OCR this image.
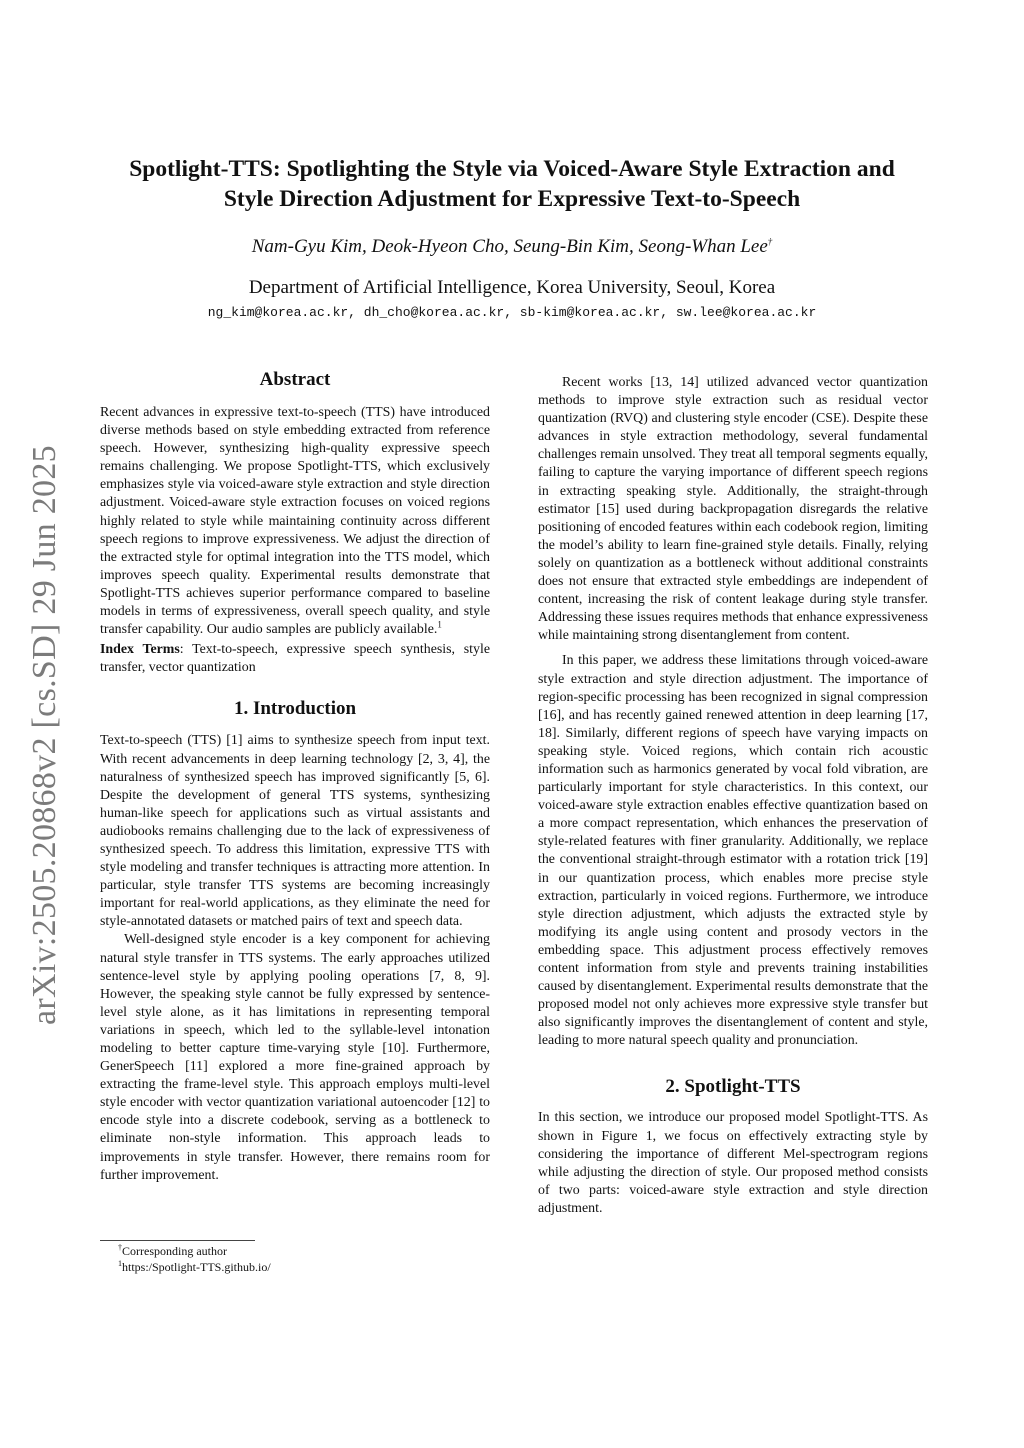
arXiv:2505.20868v2 [cs.SD] 29 Jun 2025
Spotlight-TTS: Spotlighting the Style via Voiced-Aware Style Extraction and
Style Direction Adjustment for Expressive Text-to-Speech
Nam-Gyu Kim, Deok-Hyeon Cho, Seung-Bin Kim, Seong-Whan Lee†
Department of Artificial Intelligence, Korea University, Seoul, Korea
ng_kim@korea.ac.kr, dh_cho@korea.ac.kr, sb-kim@korea.ac.kr, sw.lee@korea.ac.kr
Abstract

Recent advances in expressive text-to-speech (TTS) have introduced diverse methods based on style embedding extracted from reference speech. However, synthesizing high-quality expressive speech remains challenging. We propose Spotlight-TTS, which exclusively emphasizes style via voiced-aware style extraction and style direction adjustment. Voiced-aware style extraction focuses on voiced regions highly related to style while maintaining continuity across different speech regions to improve expressiveness. We adjust the direction of the extracted style for optimal integration into the TTS model, which improves speech quality. Experimental results demonstrate that Spotlight-TTS achieves superior performance compared to baseline models in terms of expressiveness, overall speech quality, and style transfer capability. Our audio samples are publicly available.$^1$

Index Terms: Text-to-speech, expressive speech synthesis, style transfer, vector quantization

1. Introduction

Text-to-speech (TTS) [1] aims to synthesize speech from input text. With recent advancements in deep learning technology [2, 3, 4], the naturalness of synthesized speech has improved significantly [5, 6]. Despite the development of general TTS systems, synthesizing human-like speech for applications such as virtual assistants and audiobooks remains challenging due to the lack of expressiveness of synthesized speech. To address this limitation, expressive TTS with style modeling and transfer techniques is attracting more attention. In particular, style transfer TTS systems are becoming increasingly important for real-world applications, as they eliminate the need for style-annotated datasets or matched pairs of text and speech data.

Well-designed style encoder is a key component for achieving natural style transfer in TTS systems. The early approaches utilized sentence-level style by applying pooling operations [7, 8, 9]. However, the speaking style cannot be fully expressed by sentence-level style alone, as it has limitations in representing temporal variations in speech, which led to the syllable-level intonation modeling to better capture time-varying style [10]. Furthermore, GenerSpeech [11] explored a more fine-grained approach by extracting the frame-level style. This approach employs multi-level style encoder with vector quantization variational autoencoder [12] to encode style into a discrete codebook, serving as a bottleneck to eliminate non-style information. This approach leads to improvements in style transfer. However, there remains room for further improvement.

†Corresponding author
$^1$https:/Spotlight-TTS.github.io/

Recent works [13, 14] utilized advanced vector quantization methods to improve style extraction such as residual vector quantization (RVQ) and clustering style encoder (CSE). Despite these advances in style extraction methodology, several fundamental challenges remain unsolved. They treat all temporal segments equally, failing to capture the varying importance of different speech regions in extracting speaking style. Additionally, the straight-through estimator [15] used during backpropagation disregards the relative positioning of encoded features within each codebook region, limiting the model’s ability to learn fine-grained style details. Finally, relying solely on quantization as a bottleneck without additional constraints does not ensure that extracted style embeddings are independent of content, increasing the risk of content leakage during style transfer. Addressing these issues requires methods that enhance expressiveness while maintaining strong disentanglement from content.

In this paper, we address these limitations through voiced-aware style extraction and style direction adjustment. The importance of region-specific processing has been recognized in signal compression [16], and has recently gained renewed attention in deep learning [17, 18]. Similarly, different regions of speech have varying impacts on speaking style. Voiced regions, which contain rich acoustic information such as harmonics generated by vocal fold vibration, are particularly important for style characteristics. In this context, our voiced-aware style extraction enables effective quantization based on a more compact representation, which enhances the preservation of style-related features with finer granularity. Additionally, we replace the conventional straight-through estimator with a rotation trick [19] in our quantization process, which enables more precise style extraction, particularly in voiced regions. Furthermore, we introduce style direction adjustment, which adjusts the extracted style by modifying its angle using content and prosody vectors in the embedding space. This adjustment process effectively removes content information from style and prevents training instabilities caused by disentanglement. Experimental results demonstrate that the proposed model not only achieves more expressive style transfer but also significantly improves the disentanglement of content and style, leading to more natural speech quality and pronunciation.

2. Spotlight-TTS

In this section, we introduce our proposed model Spotlight-TTS. As shown in Figure 1, we focus on effectively extracting style by considering the importance of different Mel-spectrogram regions while adjusting the direction of style. Our proposed method consists of two parts: voiced-aware style extraction and style direction adjustment.
